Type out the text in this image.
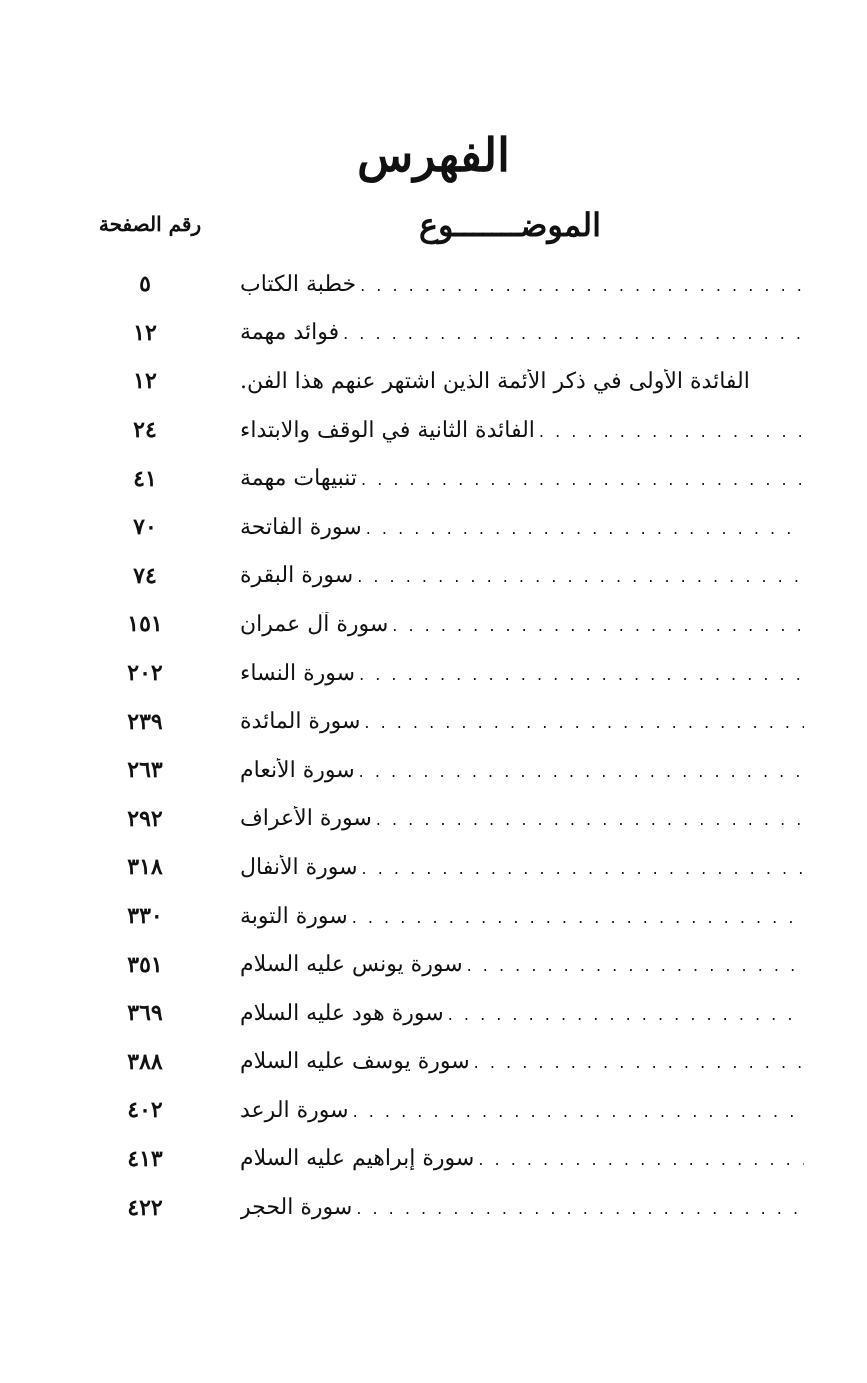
الفهرس
الموضـــــــوع
رقم الصفحة
خطبة الكتاب
. . .
٥
فوائد مهمة
. . .
١٢
الفائدة الأولى في ذكر الأئمة الذين اشتهر عنهم هذا الفن.
١٢
الفائدة الثانية في الوقف والابتداء
. . .
٢٤
تنبيهات مهمة
. . .
٤١
سورة الفاتحة
. . .
٧٠
سورة البقرة
. . .
٧٤
سورة آل عمران
. . .
١٥١
سورة النساء
. . .
٢٠٢
سورة المائدة
. . .
٢٣٩
سورة الأنعام
. . .
٢٦٣
سورة الأعراف
. . .
٢٩٢
سورة الأنفال
. . .
٣١٨
سورة التوبة
. . .
٣٣٠
سورة يونس عليه السلام
. . .
٣٥١
سورة هود عليه السلام
. . .
٣٦٩
سورة يوسف عليه السلام
. . .
٣٨٨
سورة الرعد
. . .
٤٠٢
سورة إبراهيم عليه السلام
. . .
٤١٣
سورة الحجر
. . .
٤٢٢
